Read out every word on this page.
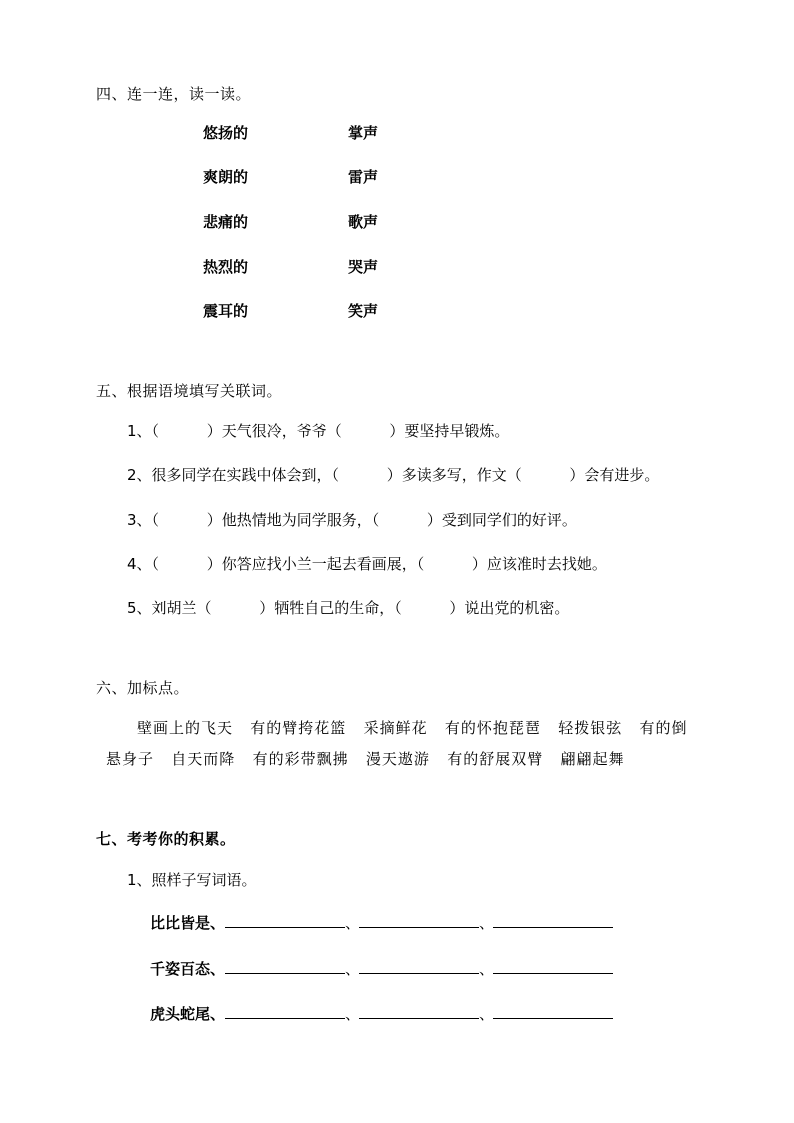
四、连一连，读一读。
悠扬的	掌声
爽朗的	雷声
悲痛的	歌声
热烈的	哭声
震耳的	笑声
五、根据语境填写关联词。
1、（          ）天气很冷，爷爷（          ）要坚持早锻炼。
2、很多同学在实践中体会到，（          ）多读多写，作文（          ）会有进步。
3、（          ）他热情地为同学服务，（          ）受到同学们的好评。
4、（          ）你答应找小兰一起去看画展，（          ）应该准时去找她。
5、刘胡兰（          ）牺牲自己的生命，（          ）说出党的机密。
六、加标点。
壁画上的飞天   有的臂挎花篮   采摘鲜花   有的怀抱琵琶   轻拨银弦   有的倒
悬身子   自天而降   有的彩带飘拂   漫天遨游   有的舒展双臂   翩翩起舞
七、考考你的积累。
1、照样子写词语。
比比皆是、	、	、
千姿百态、	、	、
虎头蛇尾、	、	、
